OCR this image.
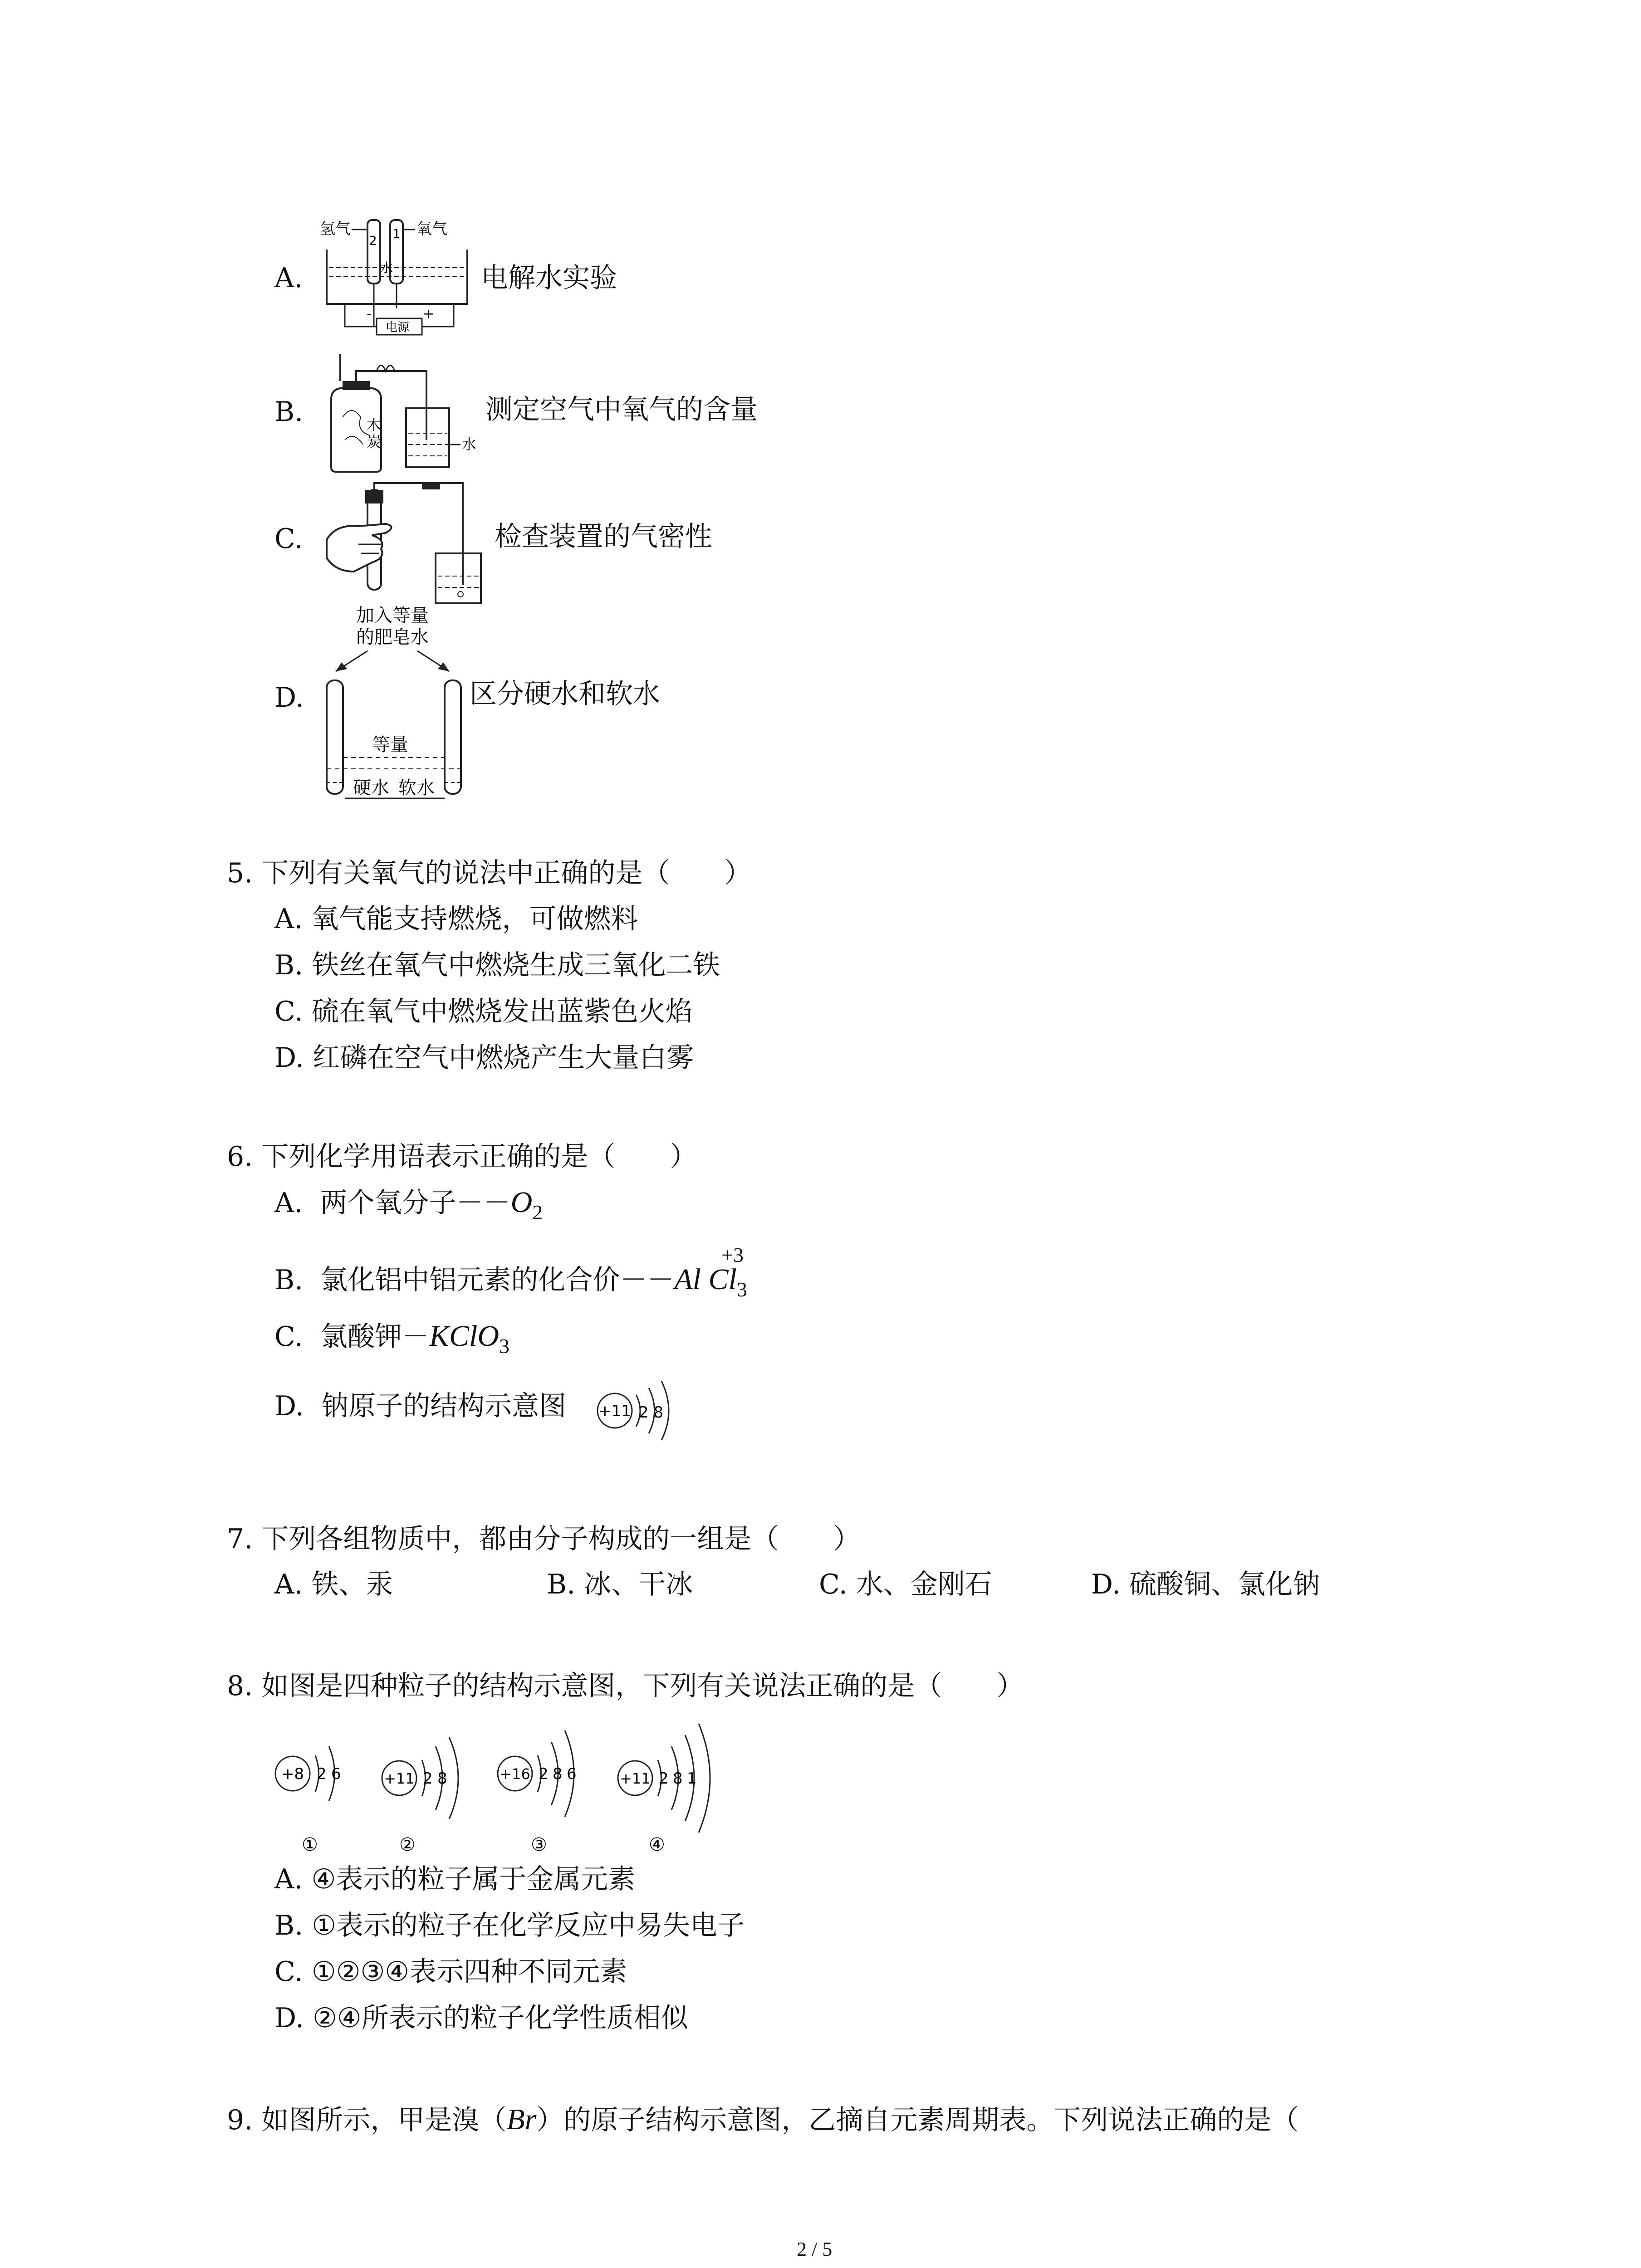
A.
氢气	氧气
2 1
水
电源
-	+
电解水实验
B.	木
炭	水
测定空气中氧气的含量
C.	检查装置的气密性
D.
加入等量
的肥皂水
等量
硬水 软水
区分硬水和软水
5. 下列有关氧气的说法中正确的是（　　）
A. 氧气能支持燃烧，可做燃料
B. 铁丝在氧气中燃烧生成三氧化二铁
C. 硫在氧气中燃烧发出蓝紫色火焰
D. 红磷在空气中燃烧产生大量白雾
6. 下列化学用语表示正确的是（　　）
A. 两个氧分子$--O_2$
+3
B. 氯化铝中铝元素的化合价－－Al $Cl_3$
C. 氯酸钾－KClO$_3$
D. 钠原子的结构示意图 +11 2 8
7. 下列各组物质中，都由分子构成的一组是（　　）
A. 铁、汞	B. 冰、干冰	C. 水、金刚石	D. 硫酸铜、氯化钠
8. 如图是四种粒子的结构示意图，下列有关说法正确的是（　　）
+8 2 6
①
+11 2 8
②
+16 2 8 6
③
+11 2 8 1
④
A. ④表示的粒子属于金属元素
B. ①表示的粒子在化学反应中易失电子
C. ①②③④表示四种不同元素
D. ②④所表示的粒子化学性质相似
9. 如图所示，甲是溴（Br）的原子结构示意图，乙摘自元素周期表。下列说法正确的是（
2 / 5
